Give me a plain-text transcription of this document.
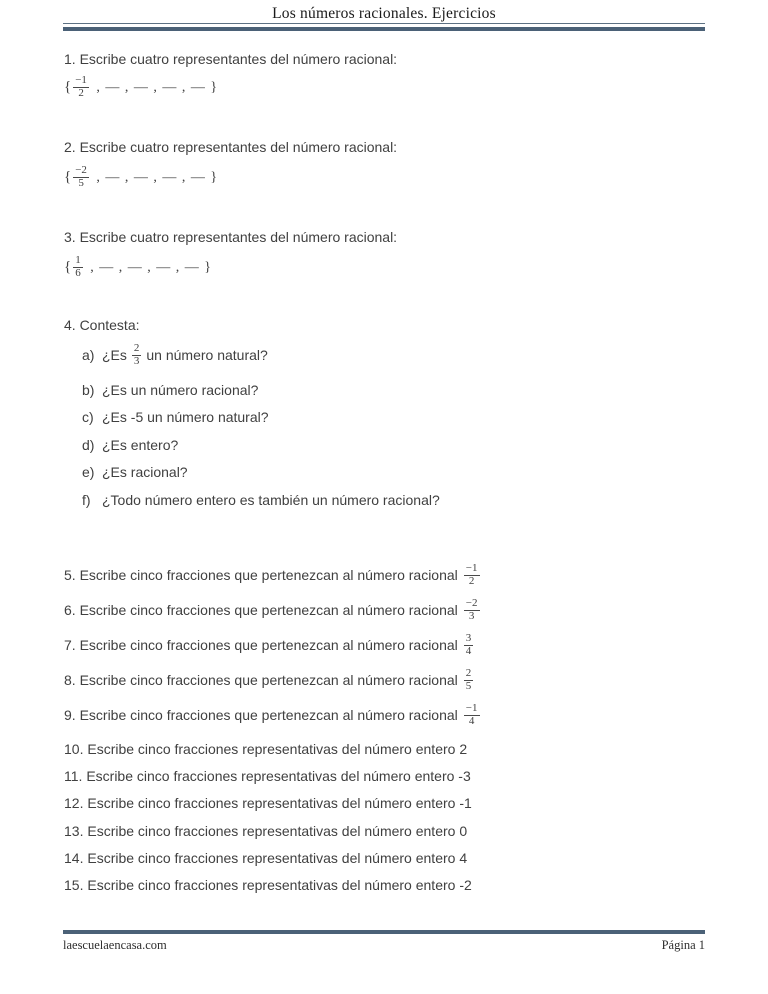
Los números racionales. Ejercicios
1. Escribe cuatro representantes del número racional:
{ $\frac{-1}{2}$ , — , — , — , — }
2. Escribe cuatro representantes del número racional:
{ $\frac{-2}{5}$ , — , — , — , — }
3. Escribe cuatro representantes del número racional:
{ $\frac{1}{6}$ , — , — , — , — }
4. Contesta:
a) ¿$Es \frac{2}{3}$ un número natural?
b) ¿Es un número racional?
c) ¿Es -5 un número natural?
d) ¿Es entero?
e) ¿Es racional?
f) ¿Todo número entero es también un número racional?
5. Escribe cinco fracciones que pertenezcan al número racional $\frac{-1}{2}$
6. Escribe cinco fracciones que pertenezcan al número racional $\frac{-2}{3}$
7. Escribe cinco fracciones que pertenezcan al número racional $\frac{3}{4}$
8. Escribe cinco fracciones que pertenezcan al número racional $\frac{2}{5}$
9. Escribe cinco fracciones que pertenezcan al número racional $\frac{-1}{4}$
10. Escribe cinco fracciones representativas del número entero 2
11. Escribe cinco fracciones representativas del número entero -3
12. Escribe cinco fracciones representativas del número entero -1
13. Escribe cinco fracciones representativas del número entero 0
14. Escribe cinco fracciones representativas del número entero 4
15. Escribe cinco fracciones representativas del número entero -2
laescuelaencasa.com	Página 1
